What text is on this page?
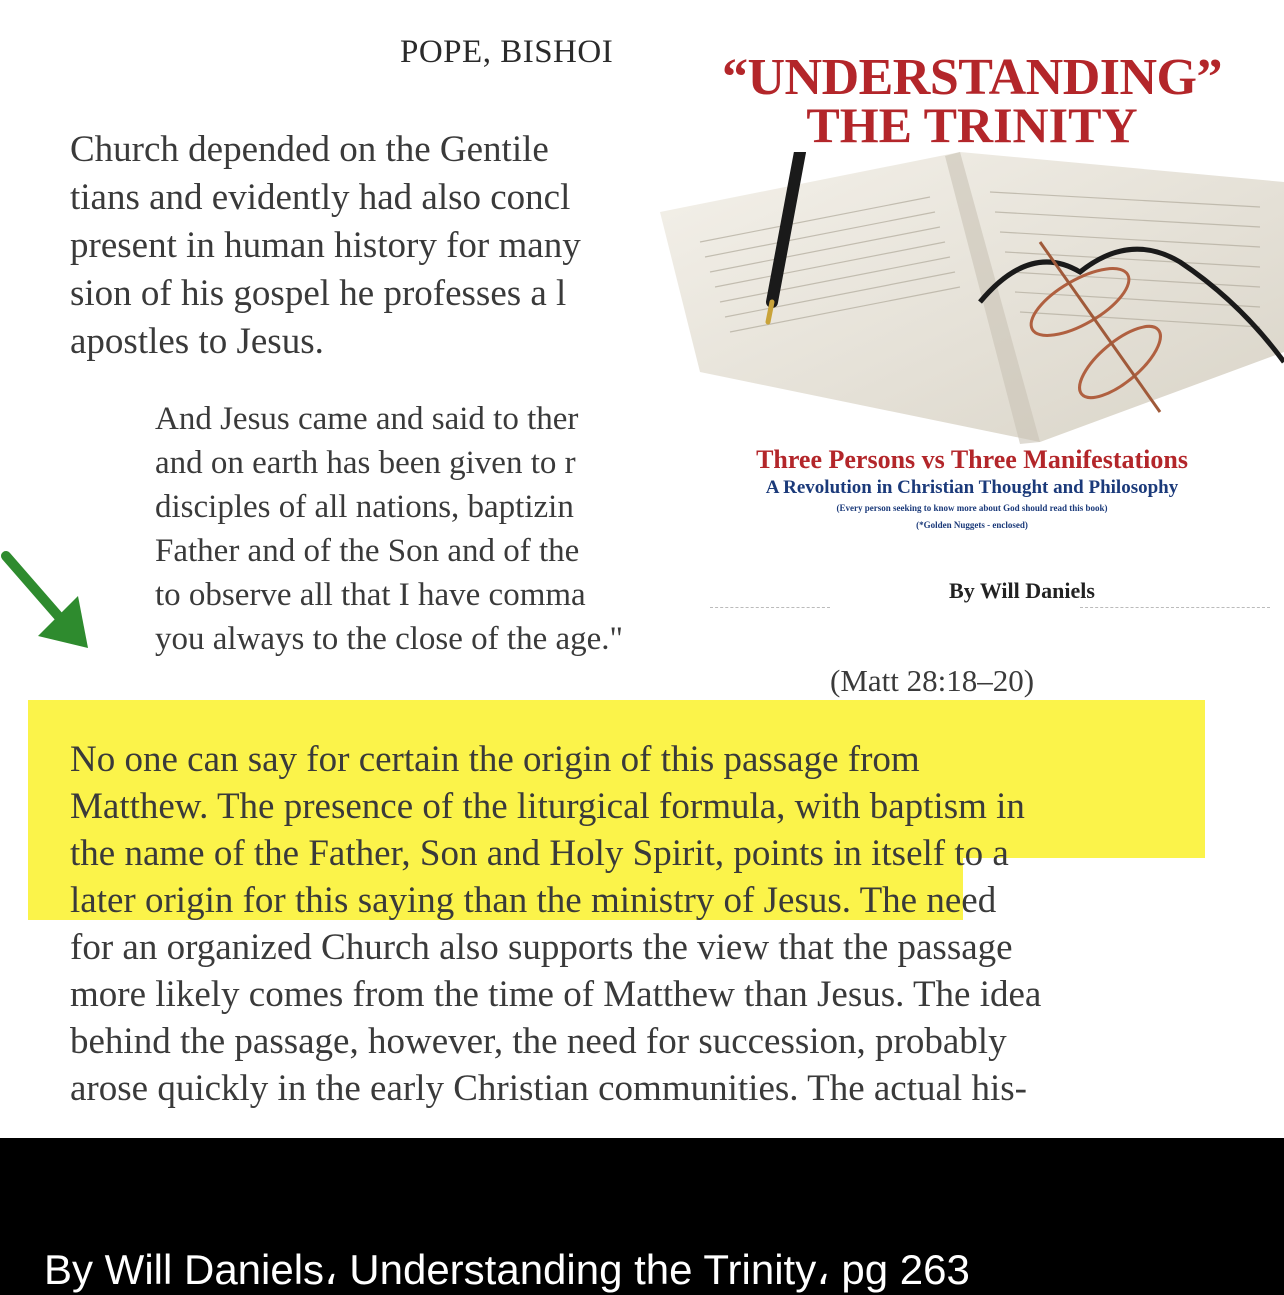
POPE, BISHOI
Church depended on the Gentile
tians and evidently had also concl
present in human history for many
sion of his gospel he professes a l
apostles to Jesus.
And Jesus came and said to ther
and on earth has been given to r
disciples of all nations, baptizin
Father and of the Son and of the
to observe all that I have comma
you always to the close of the age."
“UNDERSTANDING”
THE TRINITY
Three Persons vs Three Manifestations
A Revolution in Christian Thought and Philosophy
(Every person seeking to know more about God should read this book)
(*Golden Nuggets - enclosed)
By Will Daniels
(Matt 28:18–20)
No one can say for certain the origin of this passage from
Matthew. The presence of the liturgical formula, with baptism in
the name of the Father, Son and Holy Spirit, points in itself to a
later origin for this saying than the ministry of Jesus. The need
for an organized Church also supports the view that the passage
more likely comes from the time of Matthew than Jesus. The idea
behind the passage, however, the need for succession, probably
arose quickly in the early Christian communities. The actual his-
By Will Daniels، Understanding the Trinity، pg 263
